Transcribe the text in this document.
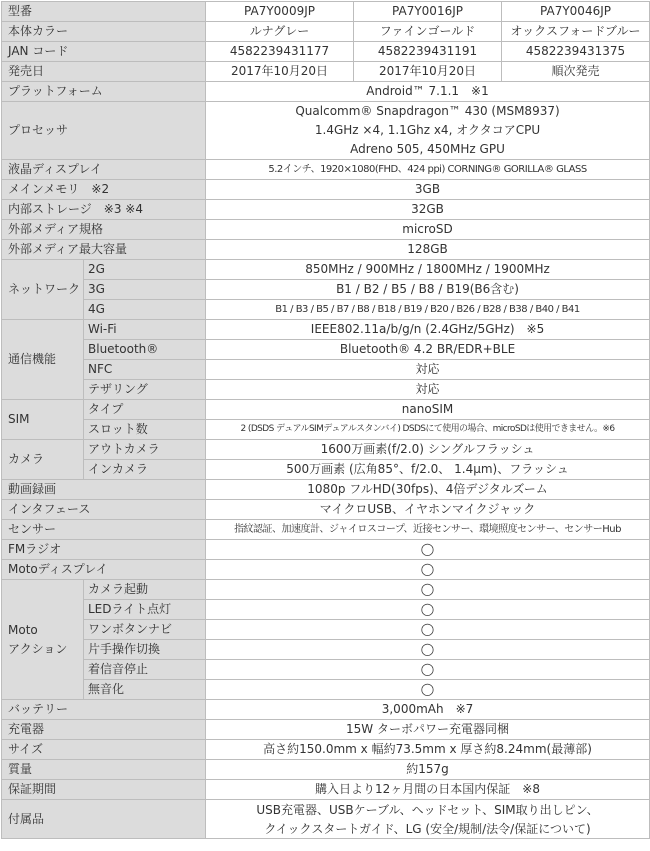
型番		PA7Y0009JP	PA7Y0016JP	PA7Y0046JP
本体カラー		ルナグレー	ファインゴールド	オックスフォードブルー
JAN コード		4582239431177	4582239431191	4582239431375
発売日		2017年10月20日	2017年10月20日	順次発売
プラットフォーム		Android™ 7.1.1　※1		
プロセッサ		Qualcomm® Snapdragon™ 430 (MSM8937)
1.4GHz ×4, 1.1Ghz x4, オクタコアCPU
Adreno 505, 450MHz GPU		

液晶ディスプレイ		5.2インチ、1920×1080(FHD、424 ppi) CORNING® GORILLA® GLASS		
メインメモリ　※2		3GB		
内部ストレージ　※3 ※4		32GB		
外部メディア規格		microSD		
外部メディア最大容量		128GB		
ネットワーク	2G	850MHz / 900MHz / 1800MHz / 1900MHz		
	3G	B1 / B2 / B5 / B8 / B19(B6含む)		
	4G	B1 / B3 / B5 / B7 / B8 / B18 / B19 / B20 / B26 / B28 / B38 / B40 / B41		
通信機能	Wi-Fi	IEEE802.11a/b/g/n (2.4GHz/5GHz)　※5		
	Bluetooth®	Bluetooth® 4.2 BR/EDR+BLE		
	NFC	対応		
	テザリング	対応		
SIM	タイプ	nanoSIM		
	スロット数	2 (DSDS デュアルSIMデュアルスタンバイ) DSDSにて使用の場合、microSDは使用できません。※6		
カメラ	アウトカメラ	1600万画素(f/2.0) シングルフラッシュ		
	インカメラ	500万画素 (広角85°、f/2.0、 1.4μm)、フラッシュ		
動画録画		1080p フルHD(30fps)、4倍デジタルズーム		
インタフェース		マイクロUSB、イヤホンマイクジャック		
センサー		指紋認証、加速度計、ジャイロスコープ、近接センサー、環境照度センサー、センサーHub		
FMラジオ		◯		
Motoディスプレイ		◯		

Moto
アクション	カメラ起動	◯		
	LEDライト点灯	◯		
	ワンボタンナビ	◯		
	片手操作切換	◯		
	着信音停止	◯		
	無音化	◯		
バッテリー		3,000mAh　※7		
充電器		15W ターボパワー充電器同梱		
サイズ		高さ約150.0mm x 幅約73.5mm x 厚さ約8.24mm(最薄部)		
質量		約157g		
保証期間		購入日より12ヶ月間の日本国内保証　※8		
付属品		USB充電器、USBケーブル、ヘッドセット、SIM取り出しピン、
クイックスタートガイド、LG (安全/規制/法令/保証について)		
